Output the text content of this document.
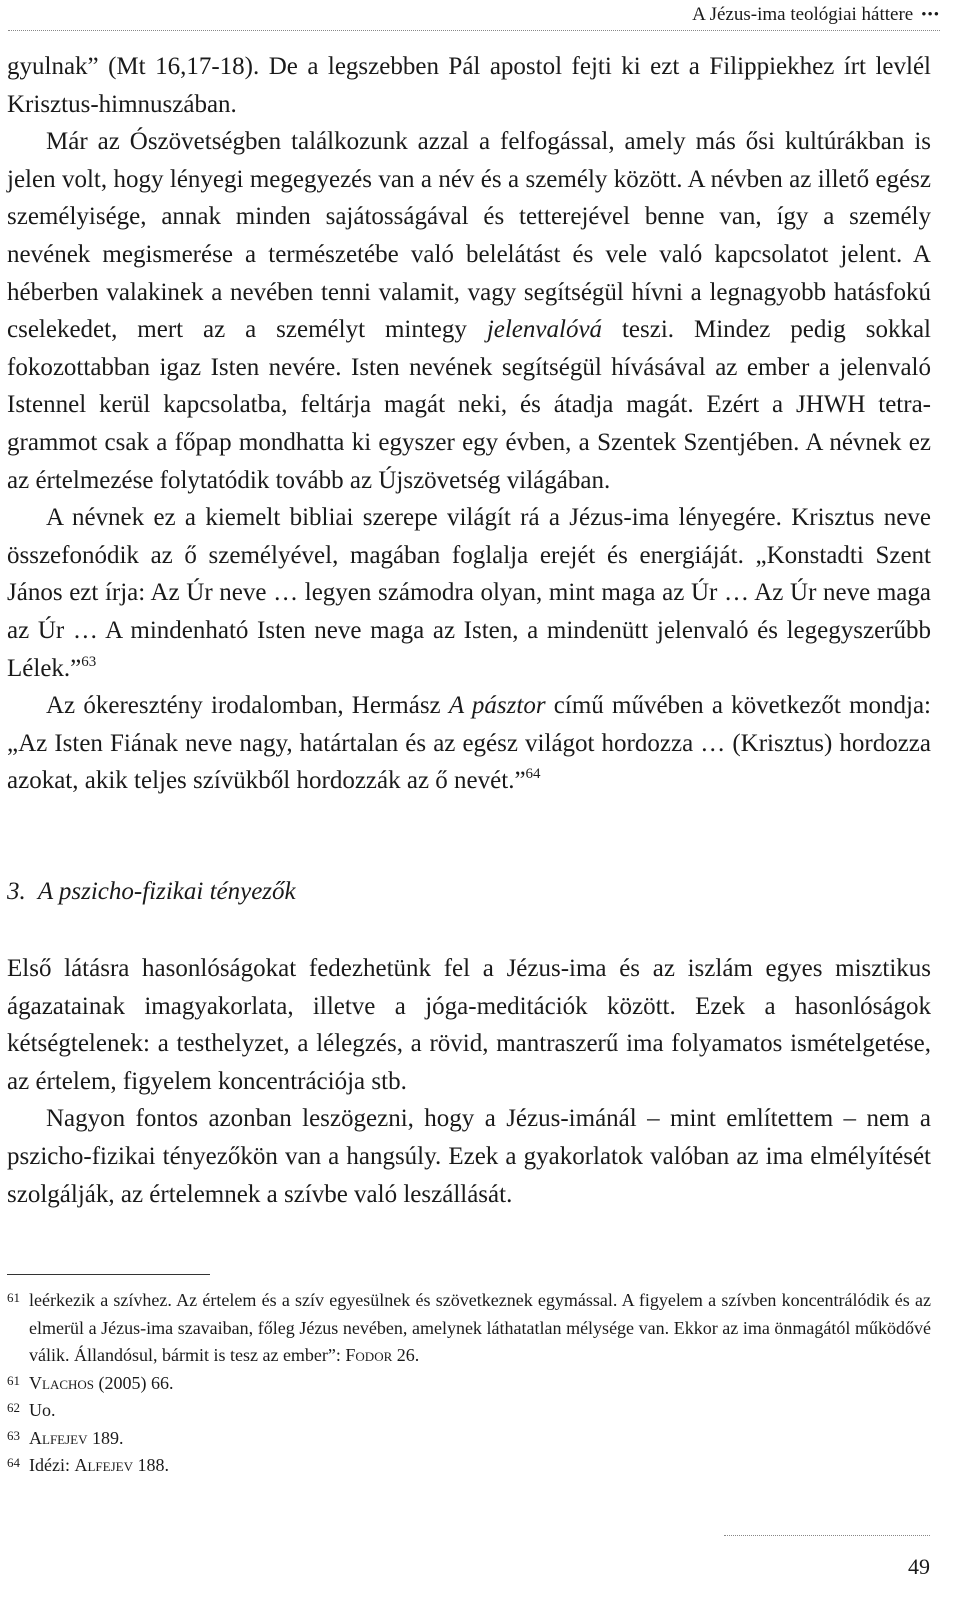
A Jézus-ima teológiai háttere •••

gyulnak” (Mt 16,17-18). De a legszebben Pál apostol fejti ki ezt a Filippiekhez írt levlél Krisztus-himnuszában.

Már az Ószövetségben találkozunk azzal a felfogással, amely más ősi kultúrákban is jelen volt, hogy lényegi megegyezés van a név és a személy között. A névben az illető egész személyisége, annak minden sajátosságával és tetterejével benne van, így a személy nevének megismerése a természetébe való belelátást és vele való kapcsolatot jelent. A héberben valakinek a nevében tenni valamit, vagy segítségül hívni a legnagyobb hatásfokú cselekedet, mert az a személyt mintegy jelenvalóvá teszi. Mindez pedig sokkal fokozottabban igaz Isten nevére. Isten nevének segítségül hívásával az ember a jelenvaló Istennel kerül kapcsolatba, feltárja magát neki, és átadja magát. Ezért a JHWH tetragrammot csak a főpap mondhatta ki egyszer egy évben, a Szentek Szentjében. A névnek ez az értelmezése folytatódik tovább az Újszövetség világában.

A névnek ez a kiemelt bibliai szerepe világít rá a Jézus-ima lényegére. Krisztus neve összefonódik az ő személyével, magában foglalja erejét és energiáját. „Konstadti Szent János ezt írja: Az Úr neve … legyen számodra olyan, mint maga az Úr … Az Úr neve maga az Úr … A mindenható Isten neve maga az Isten, a mindenütt jelenvaló és legegyszerűbb Lélek.”$^{63}$

Az ókeresztény irodalomban, Hermász A pásztor című művében a következőt mondja: „Az Isten Fiának neve nagy, határtalan és az egész világot hordozza … (Krisztus) hordozza azokat, akik teljes szívükből hordozzák az ő nevét.”$^{64}$

3. A pszicho-fizikai tényezők

Első látásra hasonlóságokat fedezhetünk fel a Jézus-ima és az iszlám egyes misztikus ágazatainak imagyakorlata, illetve a jóga-meditációk között. Ezek a hasonlóságok kétségtelenek: a testhelyzet, a lélegzés, a rövid, mantraszerű ima folyamatos ismételgetése, az értelem, figyelem koncentrációja stb.

Nagyon fontos azonban leszögezni, hogy a Jézus-imánál – mint említettem – nem a pszicho-fizikai tényezőkön van a hangsúly. Ezek a gyakorlatok valóban az ima elmélyítését szolgálják, az értelemnek a szívbe való leszállását.

61 leérkezik a szívhez. Az értelem és a szív egyesülnek és szövetkeznek egymással. A figyelem a szívben koncentrálódik és az elmerül a Jézus-ima szavaiban, főleg Jézus nevében, amelynek láthatatlan mélysége van. Ekkor az ima önmagától működővé válik. Állandósul, bármit is tesz az ember”: Fodor 26.
61 Vlachos (2005) 66.
62 Uo.
63 Alfejev 189.
64 Idézi: Alfejev 188.
49
